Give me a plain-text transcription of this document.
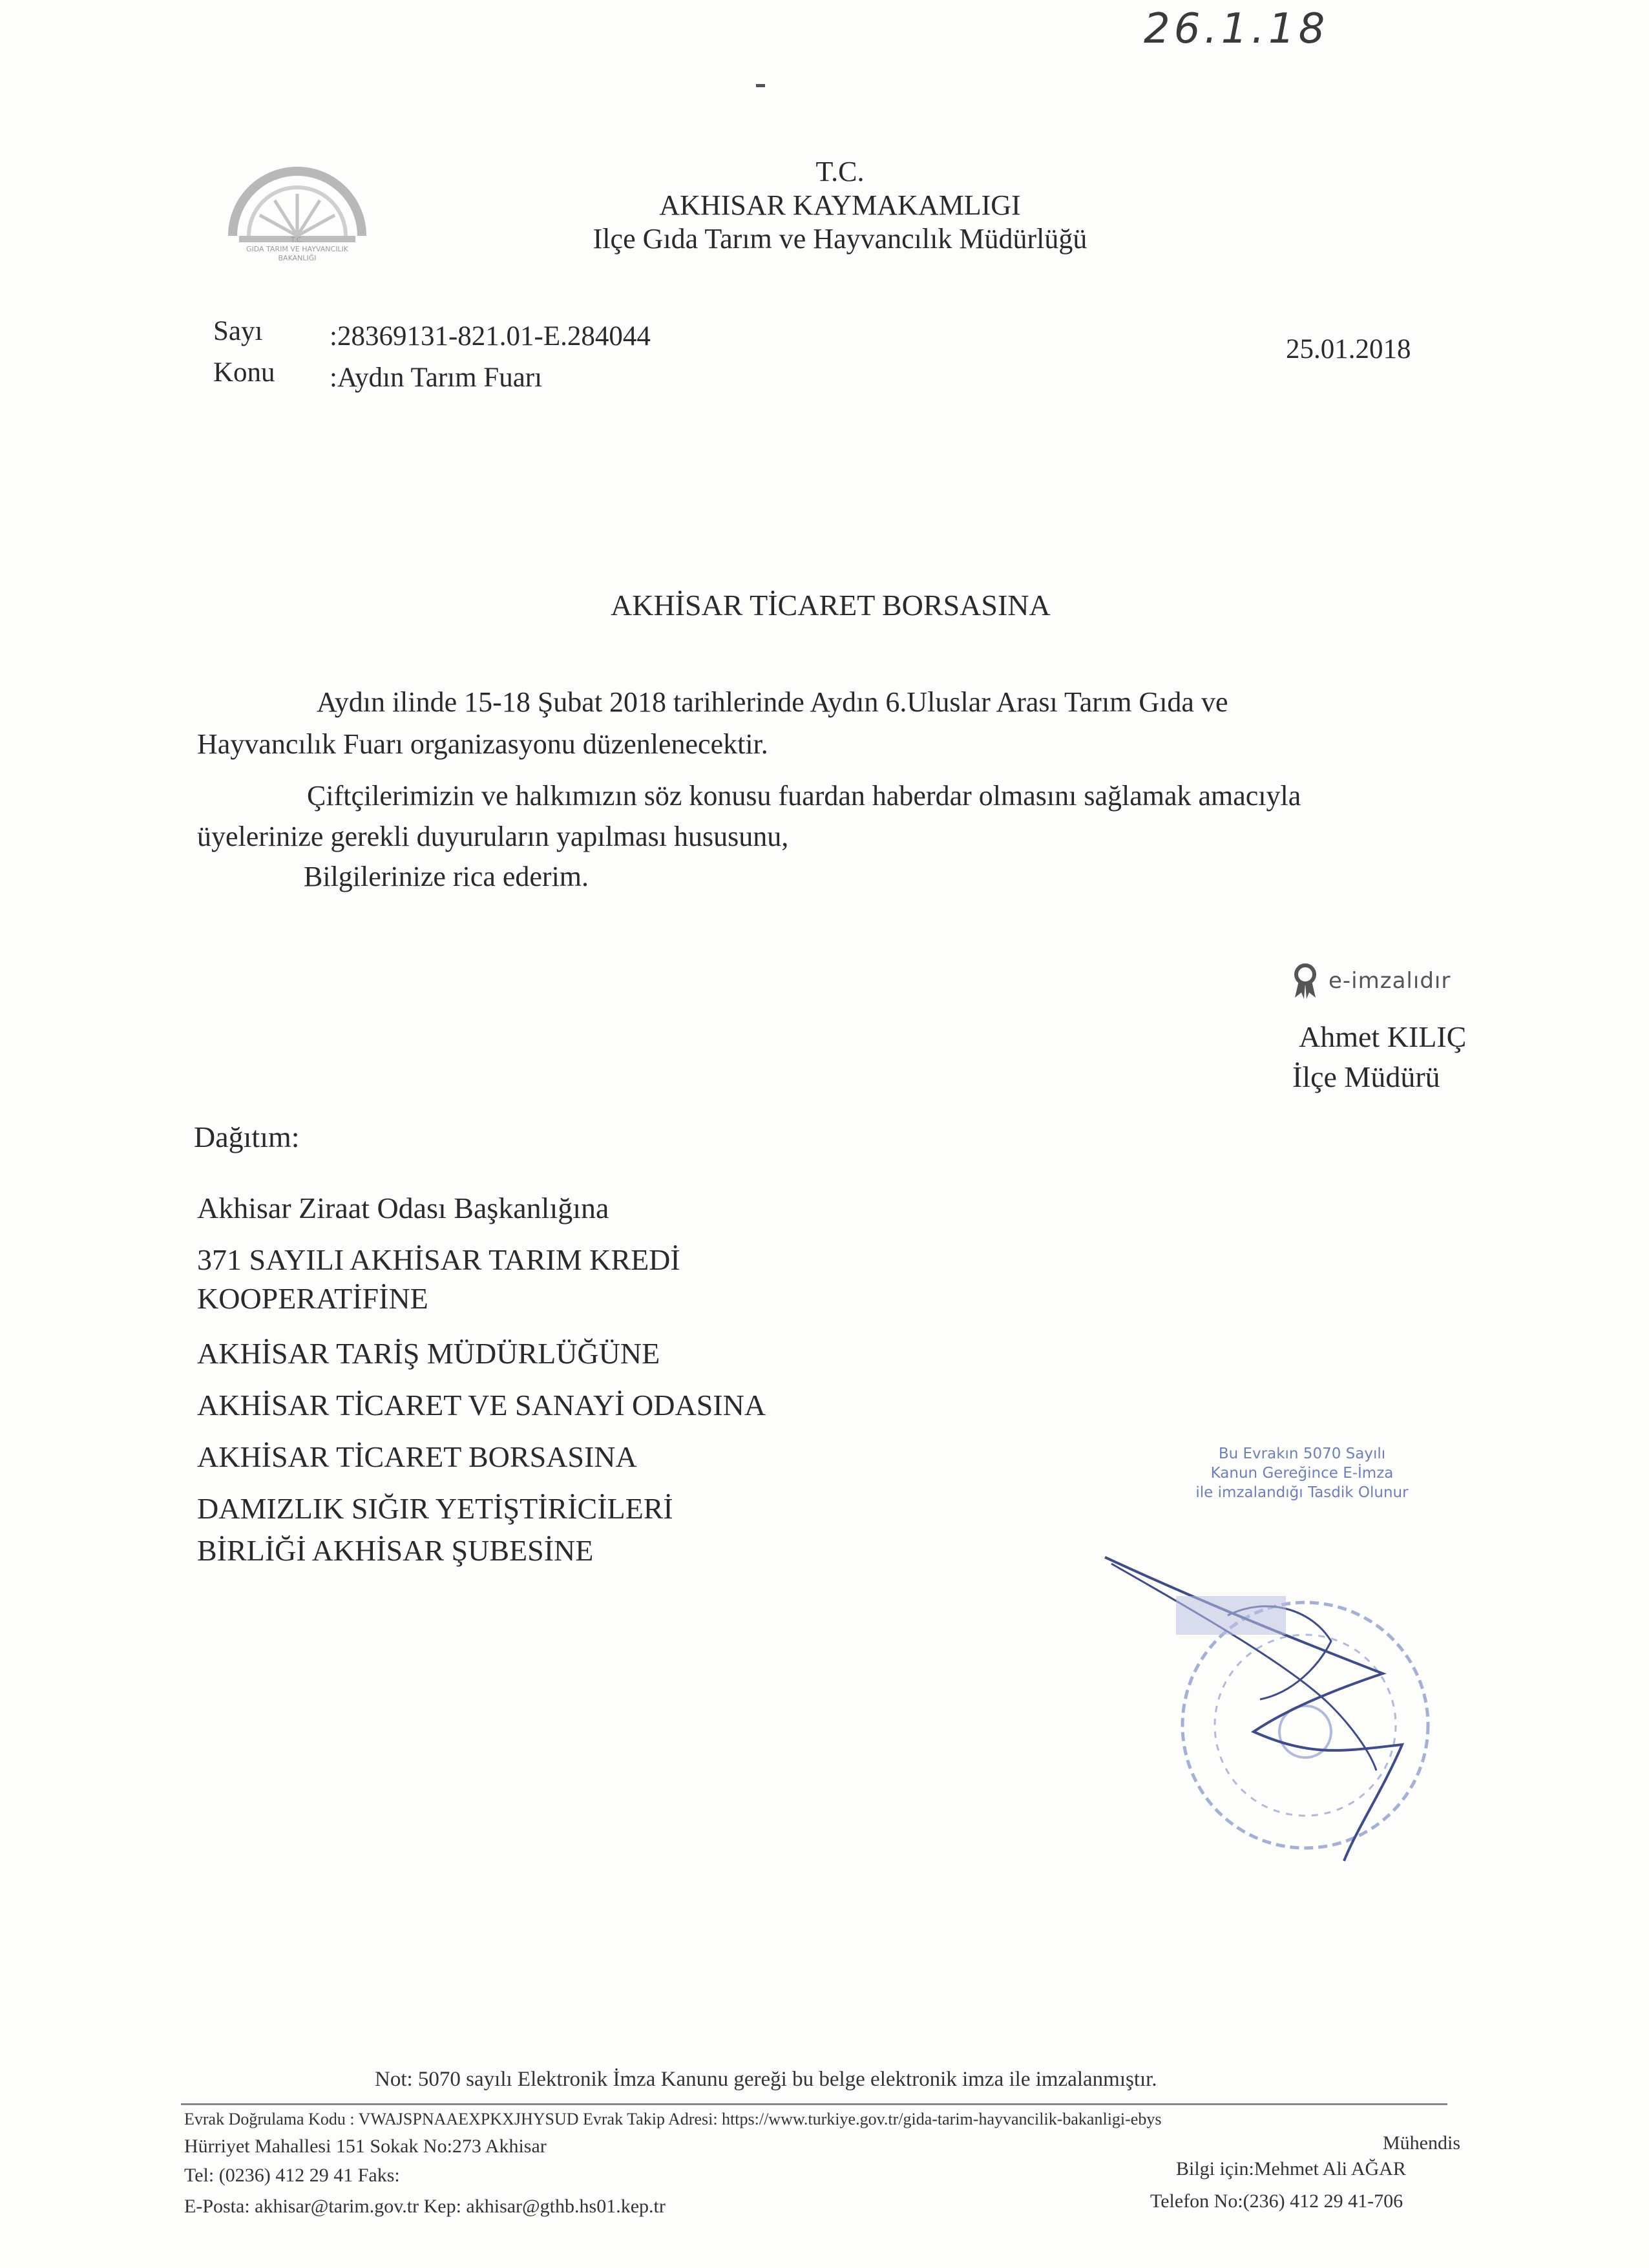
26.1.18
T.C.
GIDA TARIM VE HAYVANCILIK
BAKANLIĞI
T.C.
AKHISAR KAYMAKAMLIGI
Ilçe Gıda Tarım ve Hayvancılık Müdürlüğü
Sayı :28369131-821.01-E.284044
Konu :Aydın Tarım Fuarı
25.01.2018
AKHİSAR TİCARET BORSASINA
Aydın ilinde 15-18 Şubat 2018 tarihlerinde Aydın 6.Uluslar Arası Tarım Gıda ve
Hayvancılık Fuarı organizasyonu düzenlenecektir.
Çiftçilerimizin ve halkımızın söz konusu fuardan haberdar olmasını sağlamak amacıyla
üyelerinize gerekli duyuruların yapılması hususunu,
Bilgilerinize rica ederim.
e-imzalıdır
Ahmet KILIÇ
İlçe Müdürü
Dağıtım:
Akhisar Ziraat Odası Başkanlığına
371 SAYILI AKHİSAR TARIM KREDİ
KOOPERATİFİNE
AKHİSAR TARİŞ MÜDÜRLÜĞÜNE
AKHİSAR TİCARET VE SANAYİ ODASINA
AKHİSAR TİCARET BORSASINA
DAMIZLIK SIĞIR YETİŞTİRİCİLERİ
BİRLİĞİ AKHİSAR ŞUBESİNE
Bu Evrakın 5070 Sayılı
Kanun Gereğince E-İmza
ile imzalandığı Tasdik Olunur
Not: 5070 sayılı Elektronik İmza Kanunu gereği bu belge elektronik imza ile imzalanmıştır.
Evrak Doğrulama Kodu : VWAJSPNAAEXPKXJHYSUD Evrak Takip Adresi: https://www.turkiye.gov.tr/gida-tarim-hayvancilik-bakanligi-ebys
Hürriyet Mahallesi 151 Sokak No:273 Akhisar
Tel: (0236) 412 29 41 Faks:
E-Posta: akhisar@tarim.gov.tr Kep: akhisar@gthb.hs01.kep.tr
Mühendis
Bilgi için:Mehmet Ali AĞAR
Telefon No:(236) 412 29 41-706
